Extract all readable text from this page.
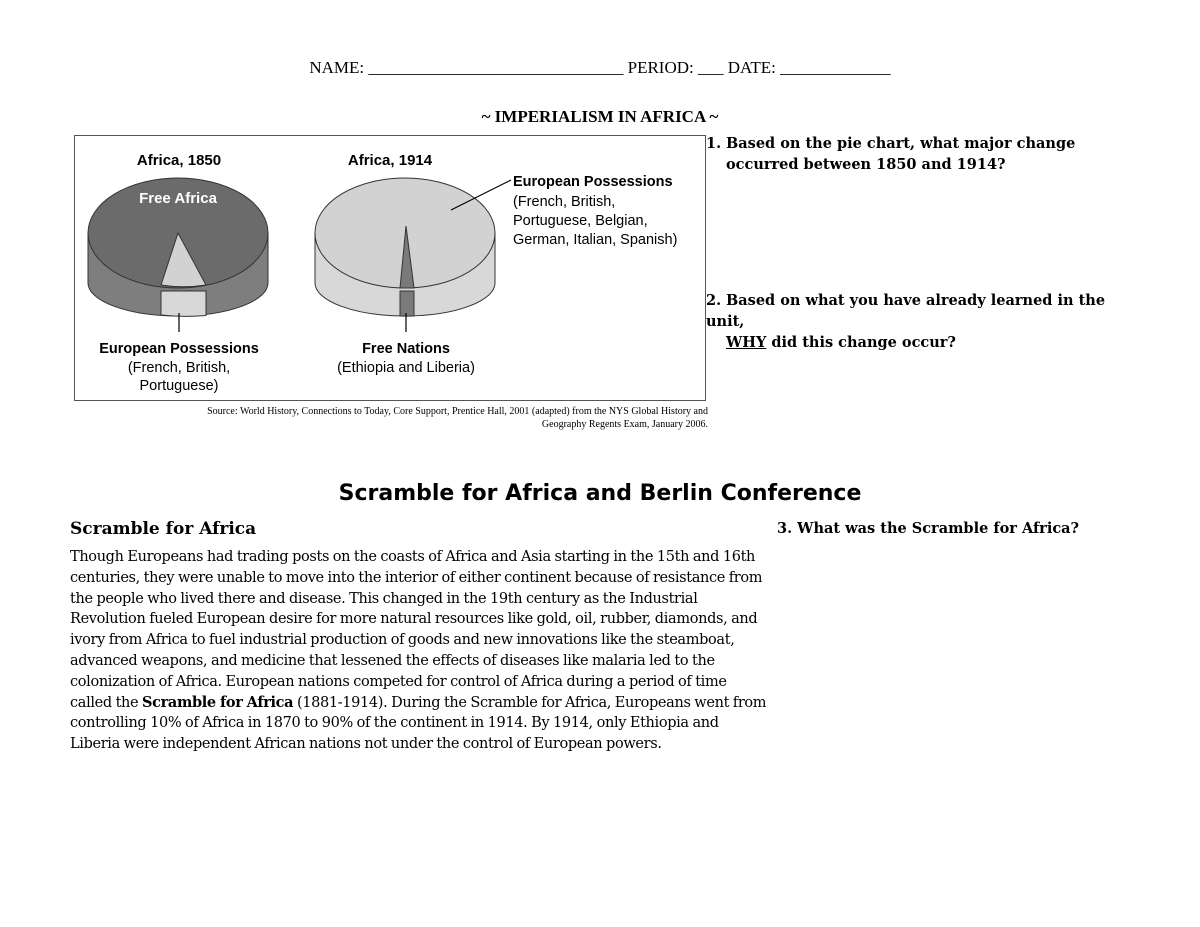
NAME: ______________________________ PERIOD: ___ DATE: _____________
~ IMPERIALISM IN AFRICA ~
Africa, 1850
Free Africa
European Possessions
(French, British,
Portuguese)
Africa, 1914
European Possessions
(French, British,
Portuguese, Belgian,
German, Italian, Spanish)
Free Nations
(Ethiopia and Liberia)
Source: World History, Connections to Today, Core Support, Prentice Hall, 2001 (adapted) from the NYS Global History and
Geography Regents Exam, January 2006.
1. Based on the pie chart, what major change
occurred between 1850 and 1914?
2. Based on what you have already learned in the unit,
WHY did this change occur?
Scramble for Africa and Berlin Conference
Scramble for Africa
Though Europeans had trading posts on the coasts of Africa and Asia starting in the 15th and 16th centuries, they were unable to move into the interior of either continent because of resistance from the people who lived there and disease. This changed in the 19th century as the Industrial Revolution fueled European desire for more natural resources like gold, oil, rubber, diamonds, and ivory from Africa to fuel industrial production of goods and new innovations like the steamboat, advanced weapons, and medicine that lessened the effects of diseases like malaria led to the colonization of Africa. European nations competed for control of Africa during a period of time called the Scramble for Africa (1881-1914). During the Scramble for Africa, Europeans went from controlling 10% of Africa in 1870 to 90% of the continent in 1914. By 1914, only Ethiopia and Liberia were independent African nations not under the control of European powers.
3. What was the Scramble for Africa?
